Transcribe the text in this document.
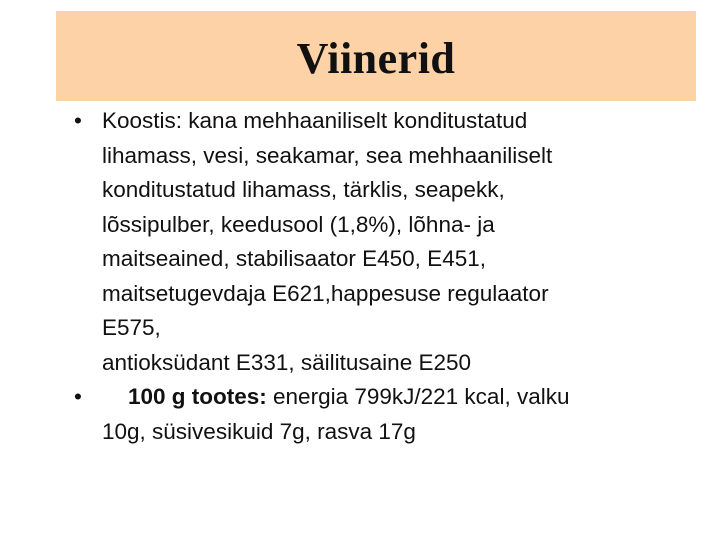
Viinerid
• Koostis: kana mehhaaniliselt konditustatud
lihamass, vesi, seakamar, sea mehhaaniliselt
konditustatud lihamass, tärklis, seapekk,
lõssipulber, keedusool (1,8%), lõhna- ja
maitseained, stabilisaator E450, E451,
maitsetugevdaja E621,happesuse regulaator
E575,
antioksüdant E331, säilitusaine E250
•	100 g tootes: energia 799kJ/221 kcal, valku
10g, süsivesikuid 7g, rasva 17g
